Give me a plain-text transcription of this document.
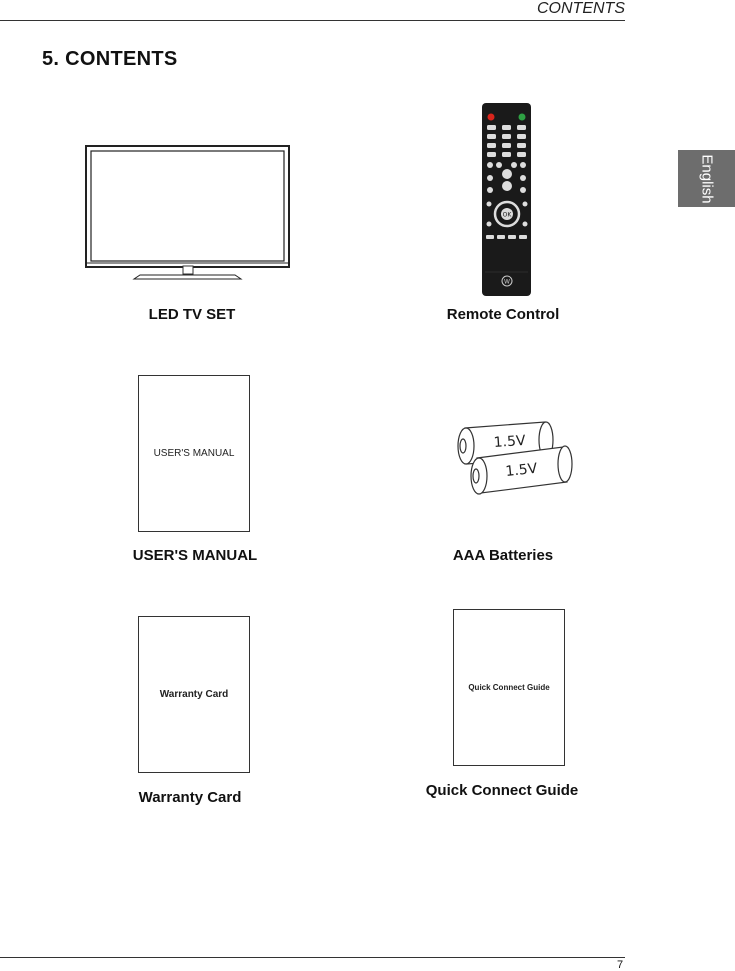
CONTENTS
5. CONTENTS
English
LED TV SET
OK
W
Remote Control
USER'S MANUAL
USER'S MANUAL
1.5V
1.5V
AAA Batteries
Warranty Card
Warranty Card
Quick Connect Guide
Quick Connect Guide
7
